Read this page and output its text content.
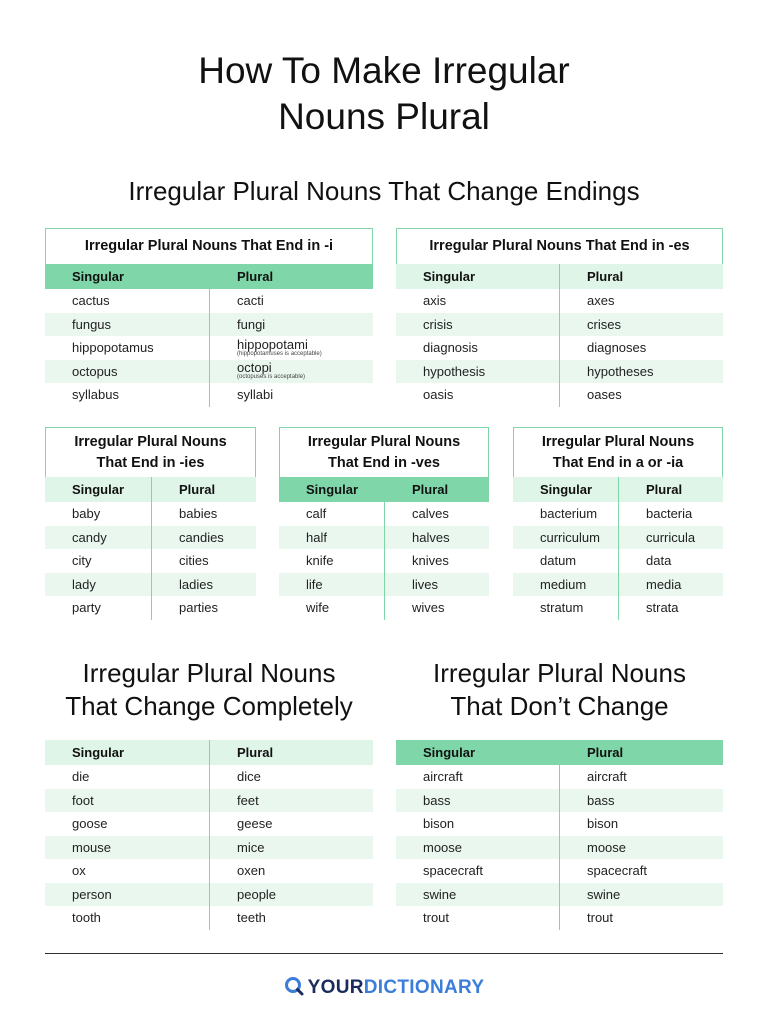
How To Make Irregular
Nouns Plural
Irregular Plural Nouns That Change Endings
Irregular Plural Nouns That End in -i
Singular	Plural
cactus	cacti
fungus	fungi
hippopotamus	hippopotami
(hippopotamuses is acceptable)
octopus	octopi
(octopuses is acceptable)
syllabus	syllabi
Irregular Plural Nouns That End in -es
Singular	Plural
axis	axes
crisis	crises
diagnosis	diagnoses
hypothesis	hypotheses
oasis	oases
Irregular Plural Nouns
That End in -ies
Singular	Plural
baby	babies
candy	candies
city	cities
lady	ladies
party	parties
Irregular Plural Nouns
That End in -ves
Singular	Plural
calf	calves
half	halves
knife	knives
life	lives
wife	wives
Irregular Plural Nouns
That End in a or -ia
Singular	Plural
bacterium	bacteria
curriculum	curricula
datum	data
medium	media
stratum	strata
Irregular Plural Nouns
That Change Completely
Irregular Plural Nouns
That Don’t Change
Singular	Plural
die	dice
foot	feet
goose	geese
mouse	mice
ox	oxen
person	people
tooth	teeth
Singular	Plural
aircraft	aircraft
bass	bass
bison	bison
moose	moose
spacecraft	spacecraft
swine	swine
trout	trout
YOURDICTIONARY
